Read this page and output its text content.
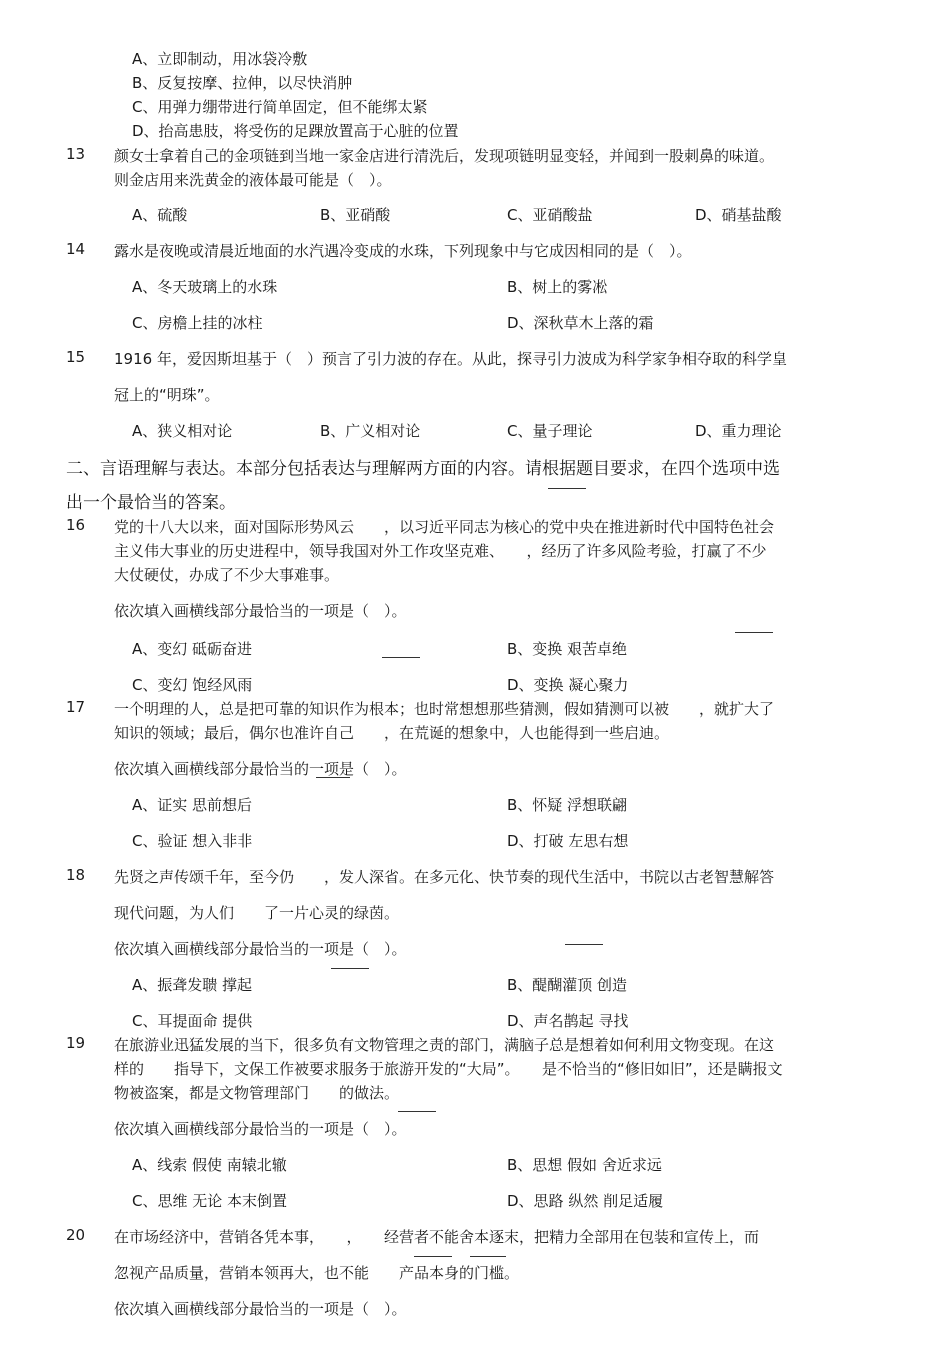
A、立即制动，用冰袋冷敷
B、反复按摩、拉伸，以尽快消肿
C、用弹力绷带进行简单固定，但不能绑太紧
D、抬高患肢，将受伤的足踝放置高于心脏的位置
13 颜女士拿着自己的金项链到当地一家金店进行清洗后，发现项链明显变轻，并闻到一股刺鼻的味道。
则金店用来洗黄金的液体最可能是（　）。
A、硫酸	B、亚硝酸	C、亚硝酸盐	D、硝基盐酸
14 露水是夜晚或清晨近地面的水汽遇冷变成的水珠，下列现象中与它成因相同的是（　）。
A、冬天玻璃上的水珠	B、树上的雾凇
C、房檐上挂的冰柱	D、深秋草木上落的霜
15 1916 年，爱因斯坦基于（　）预言了引力波的存在。从此，探寻引力波成为科学家争相夺取的科学皇
冠上的“明珠”。
A、狭义相对论	B、广义相对论	C、量子理论	D、重力理论
二、言语理解与表达。本部分包括表达与理解两方面的内容。请根据题目要求，在四个选项中选
出一个最恰当的答案。
16 党的十八大以来，面对国际形势风云　　，以习近平同志为核心的党中央在推进新时代中国特色社会
主义伟大事业的历史进程中，领导我国对外工作攻坚克难、　　，经历了许多风险考验，打赢了不少
大仗硬仗，办成了不少大事难事。
依次填入画横线部分最恰当的一项是（　）。
A、变幻 砥砺奋进	B、变换 艰苦卓绝
C、变幻 饱经风雨	D、变换 凝心聚力
17 一个明理的人，总是把可靠的知识作为根本；也时常想想那些猜测，假如猜测可以被　　，就扩大了
知识的领域；最后，偶尔也准许自己　　，在荒诞的想象中，人也能得到一些启迪。
依次填入画横线部分最恰当的一项是（　）。
A、证实 思前想后	B、怀疑 浮想联翩
C、验证 想入非非	D、打破 左思右想
18 先贤之声传颂千年，至今仍　　，发人深省。在多元化、快节奏的现代生活中，书院以古老智慧解答
现代问题，为人们　　了一片心灵的绿茵。
依次填入画横线部分最恰当的一项是（　）。
A、振聋发聩 撑起	B、醍醐灌顶 创造
C、耳提面命 提供	D、声名鹊起 寻找
19 在旅游业迅猛发展的当下，很多负有文物管理之责的部门，满脑子总是想着如何利用文物变现。在这
样的　　指导下，文保工作被要求服务于旅游开发的“大局”。　　是不恰当的“修旧如旧”，还是瞒报文
物被盗案，都是文物管理部门　　的做法。
依次填入画横线部分最恰当的一项是（　）。
A、线索 假使 南辕北辙	B、思想 假如 舍近求远
C、思维 无论 本末倒置	D、思路 纵然 削足适履
20 在市场经济中，营销各凭本事，　　，　　经营者不能舍本逐末，把精力全部用在包装和宣传上，而
忽视产品质量，营销本领再大，也不能　　产品本身的门槛。
依次填入画横线部分最恰当的一项是（　）。
